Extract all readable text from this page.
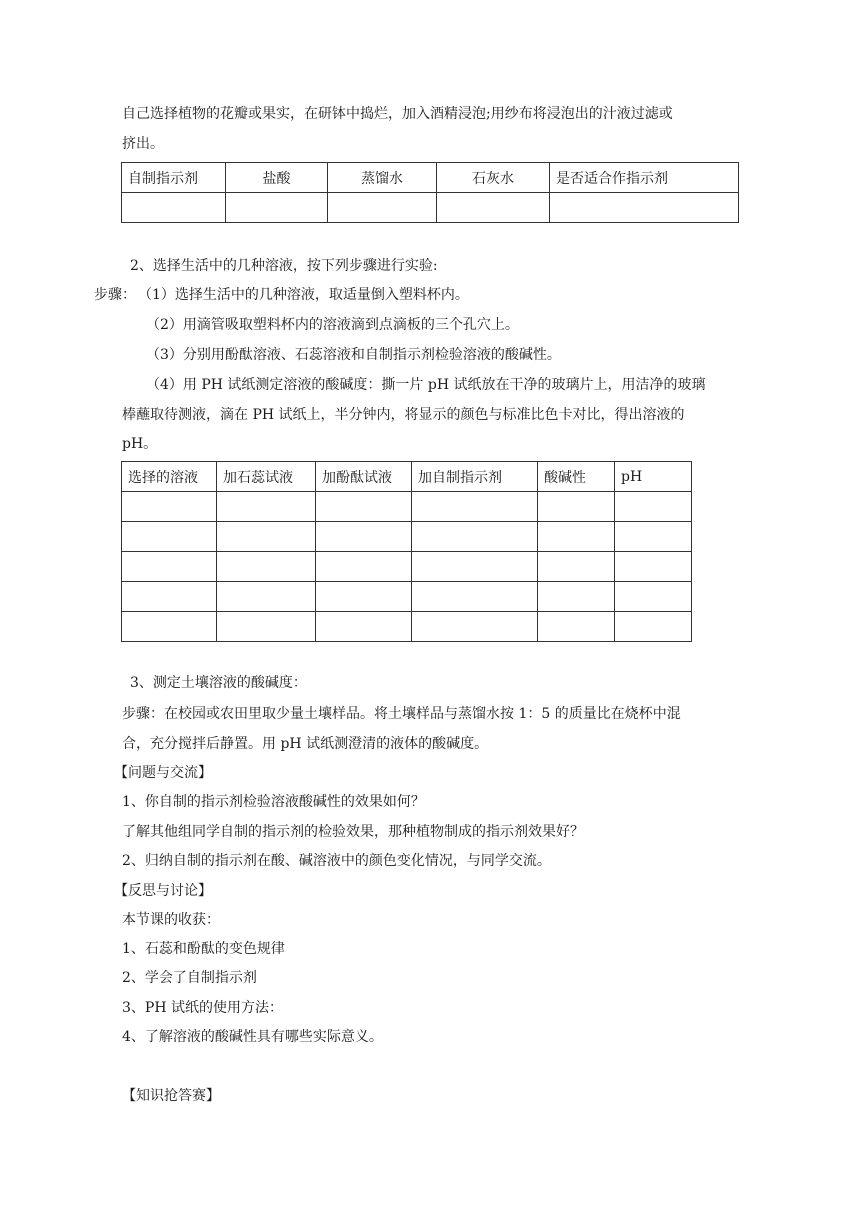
自己选择植物的花瓣或果实，在研钵中捣烂，加入酒精浸泡;用纱布将浸泡出的汁液过滤或
挤出。
自制指示剂	盐酸	蒸馏水	石灰水	是否适合作指示剂

2、选择生活中的几种溶液，按下列步骤进行实验:
步骤： （1）选择生活中的几种溶液，取适量倒入塑料杯内。
（2）用滴管吸取塑料杯内的溶液滴到点滴板的三个孔穴上。
（3）分别用酚酞溶液、石蕊溶液和自制指示剂检验溶液的酸碱性。
（4）用 PH 试纸测定溶液的酸碱度：撕一片 pH 试纸放在干净的玻璃片上，用洁净的玻璃
棒蘸取待测液，滴在 PH 试纸上，半分钟内，将显示的颜色与标准比色卡对比，得出溶液的
pH。
选择的溶液	加石蕊试液	加酚酞试液	加自制指示剂	酸碱性	pH

3、测定土壤溶液的酸碱度：
步骤：在校园或农田里取少量土壤样品。将土壤样品与蒸馏水按 1：5 的质量比在烧杯中混
合，充分搅拌后静置。用 pH 试纸测澄清的液体的酸碱度。
【问题与交流】
1、你自制的指示剂检验溶液酸碱性的效果如何？
了解其他组同学自制的指示剂的检验效果，那种植物制成的指示剂效果好？
2、归纳自制的指示剂在酸、碱溶液中的颜色变化情况，与同学交流。
【反思与讨论】
本节课的收获：
1、石蕊和酚酞的变色规律
2、学会了自制指示剂
3、PH 试纸的使用方法：
4、了解溶液的酸碱性具有哪些实际意义。
【知识抢答赛】
